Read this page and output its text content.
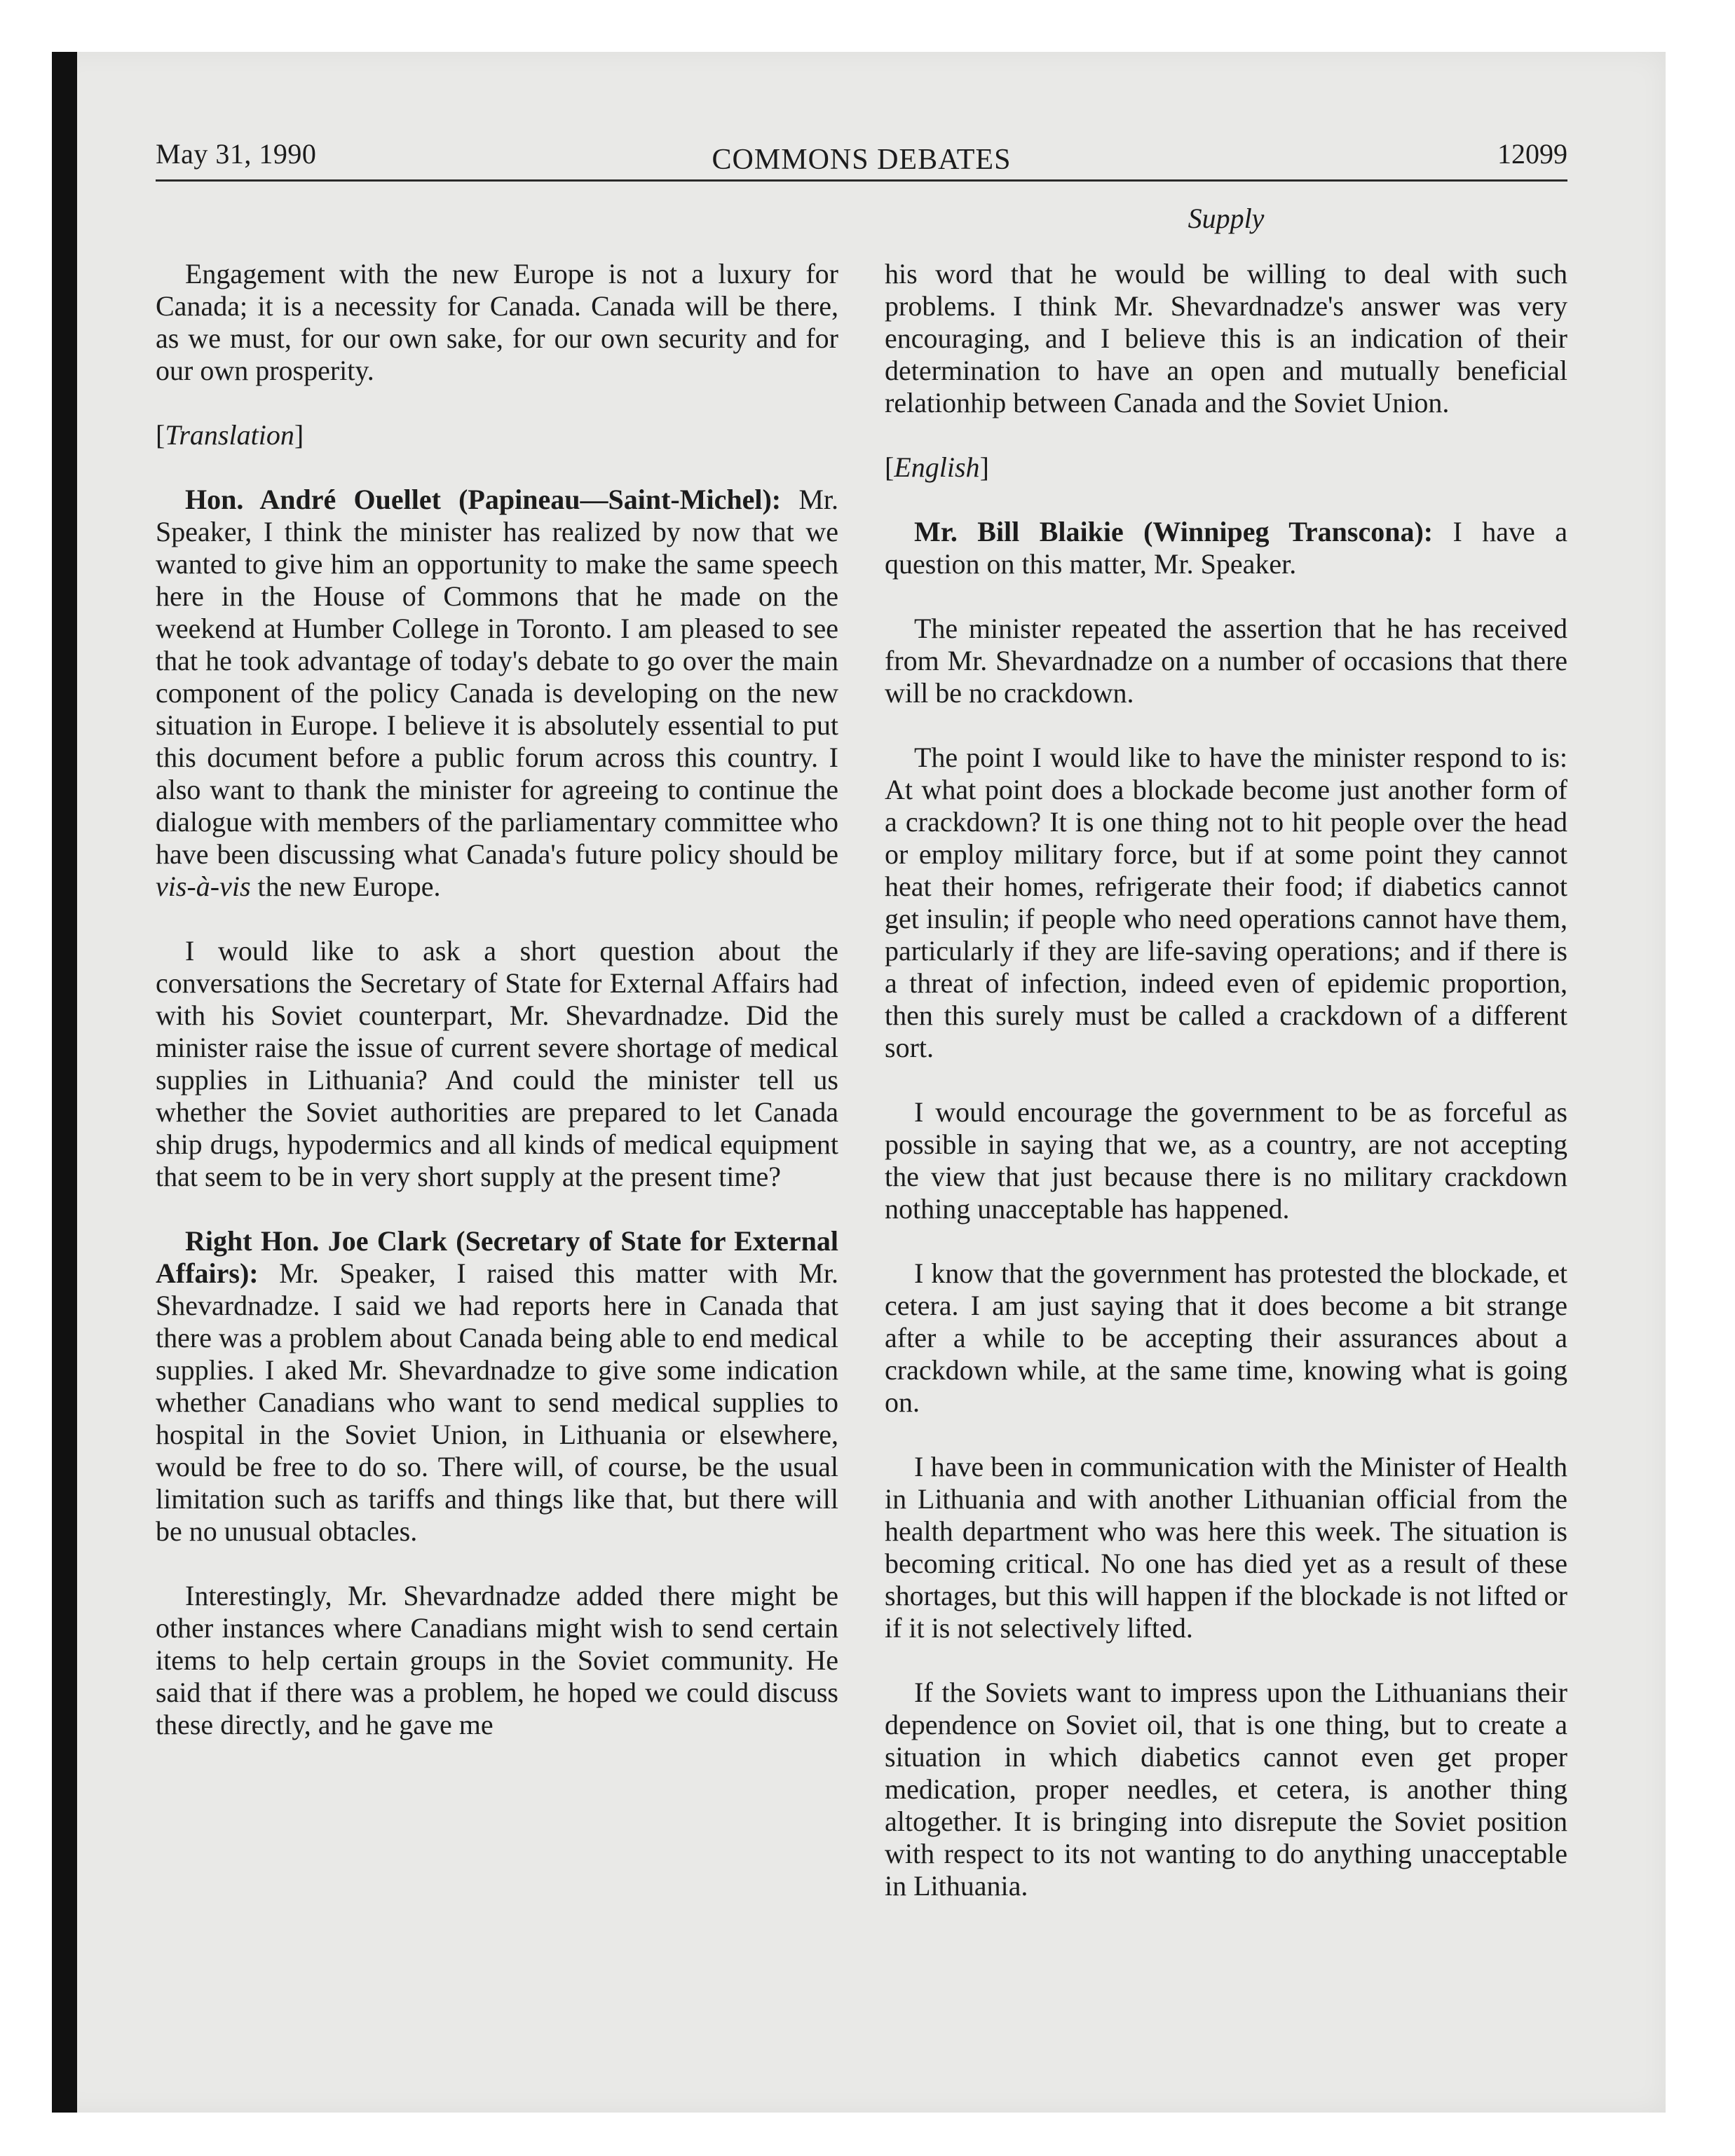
May 31, 1990	COMMONS DEBATES	12099
Supply

Engagement with the new Europe is not a luxury for Canada; it is a necessity for Canada. Canada will be there, as we must, for our own sake, for our own security and for our own prosperity.

[Translation]

Hon. André Ouellet (Papineau—Saint-Michel): Mr. Speaker, I think the minister has realized by now that we wanted to give him an opportunity to make the same speech here in the House of Commons that he made on the weekend at Humber College in Toronto. I am pleased to see that he took advantage of today's debate to go over the main component of the policy Canada is developing on the new situation in Europe. I believe it is absolutely essential to put this document before a public forum across this country. I also want to thank the minister for agreeing to continue the dialogue with members of the parliamentary committee who have been discussing what Canada's future policy should be vis-à-vis the new Europe.

I would like to ask a short question about the conversations the Secretary of State for External Affairs had with his Soviet counterpart, Mr. Shevardnadze. Did the minister raise the issue of current severe shortage of medical supplies in Lithuania? And could the minister tell us whether the Soviet authorities are prepared to let Canada ship drugs, hypodermics and all kinds of medical equipment that seem to be in very short supply at the present time?

Right Hon. Joe Clark (Secretary of State for External Affairs): Mr. Speaker, I raised this matter with Mr. Shevardnadze. I said we had reports here in Canada that there was a problem about Canada being able to end medical supplies. I aked Mr. Shevardnadze to give some indication whether Canadians who want to send medical supplies to hospital in the Soviet Union, in Lithuania or elsewhere, would be free to do so. There will, of course, be the usual limitation such as tariffs and things like that, but there will be no unusual obtacles.

Interestingly, Mr. Shevardnadze added there might be other instances where Canadians might wish to send certain items to help certain groups in the Soviet community. He said that if there was a problem, he hoped we could discuss these directly, and he gave me

his word that he would be willing to deal with such problems. I think Mr. Shevardnadze's answer was very encouraging, and I believe this is an indication of their determination to have an open and mutually beneficial relationhip between Canada and the Soviet Union.

[English]

Mr. Bill Blaikie (Winnipeg Transcona): I have a question on this matter, Mr. Speaker.

The minister repeated the assertion that he has received from Mr. Shevardnadze on a number of occasions that there will be no crackdown.

The point I would like to have the minister respond to is: At what point does a blockade become just another form of a crackdown? It is one thing not to hit people over the head or employ military force, but if at some point they cannot heat their homes, refrigerate their food; if diabetics cannot get insulin; if people who need operations cannot have them, particularly if they are life-saving operations; and if there is a threat of infection, indeed even of epidemic proportion, then this surely must be called a crackdown of a different sort.

I would encourage the government to be as forceful as possible in saying that we, as a country, are not accepting the view that just because there is no military crackdown nothing unacceptable has happened.

I know that the government has protested the blockade, et cetera. I am just saying that it does become a bit strange after a while to be accepting their assurances about a crackdown while, at the same time, knowing what is going on.

I have been in communication with the Minister of Health in Lithuania and with another Lithuanian official from the health department who was here this week. The situation is becoming critical. No one has died yet as a result of these shortages, but this will happen if the blockade is not lifted or if it is not selectively lifted.

If the Soviets want to impress upon the Lithuanians their dependence on Soviet oil, that is one thing, but to create a situation in which diabetics cannot even get proper medication, proper needles, et cetera, is another thing altogether. It is bringing into disrepute the Soviet position with respect to its not wanting to do anything unacceptable in Lithuania.
